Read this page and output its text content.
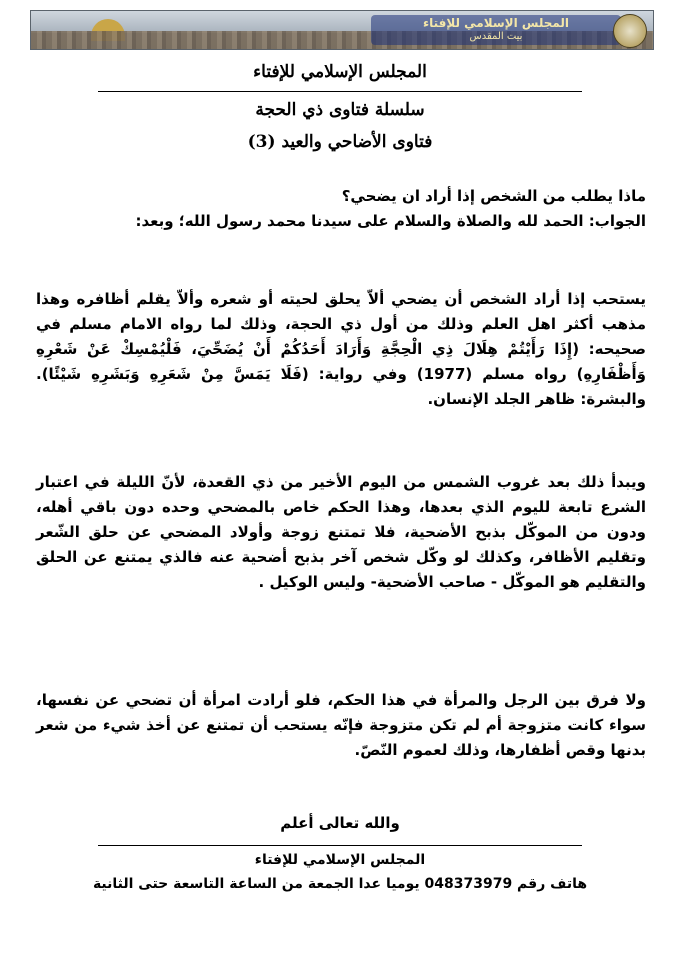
المجلس الإسلامي للإفتاء
بيت المقدس
المجلس الإسلامي للإفتاء
سلسلة فتاوى ذي الحجة
فتاوى الأضاحي والعيد (3)
ماذا يطلب من الشخص إذا أراد ان يضحي؟
الجواب: الحمد لله والصلاة والسلام على سيدنا محمد رسول الله؛ وبعد:
يستحب إذا أراد الشخص أن يضحي ألاّ يحلق لحيته أو شعره وألاّ يقلم أظافره وهذا مذهب أكثر اهل العلم وذلك من أول ذي الحجة، وذلك لما رواه الامام مسلم في صحيحه: (إِذَا رَأَيْتُمْ هِلَالَ ذِي الْحِجَّةِ وَأَرَادَ أَحَدُكُمْ أَنْ يُضَحِّيَ، فَلْيُمْسِكْ عَنْ شَعْرِهِ وَأَظْفَارِهِ) رواه مسلم (1977) وفي رواية: (فَلَا يَمَسَّ مِنْ شَعَرِهِ وَبَشَرِهِ شَيْئًا). والبشرة: ظاهر الجلد الإنسان.
ويبدأ ذلك بعد غروب الشمس من اليوم الأخير من ذي القعدة، لأنّ الليلة في اعتبار الشرع تابعة لليوم الذي بعدها، وهذا الحكم خاص بالمضحي وحده دون باقي أهله، ودون من الموكّل بذبح الأضحية، فلا تمتنع زوجة وأولاد المضحي عن حلق الشّعر وتقليم الأظافر، وكذلك لو وكّل شخص آخر بذبح أضحية عنه فالذي يمتنع عن الحلق والتقليم هو الموكّل - صاحب الأضحية- وليس الوكيل .
ولا فرق بين الرجل والمرأة في هذا الحكم، فلو أرادت امرأة أن تضحي عن نفسها، سواء كانت متزوجة أم لم تكن متزوجة فإنّه يستحب أن تمتنع عن أخذ شيء من شعر بدنها وقص أظفارها، وذلك لعموم النّصّ.
والله تعالى أعلم
المجلس الإسلامي للإفتاء
هاتف رقم 048373979 يوميا عدا الجمعة من الساعة التاسعة حتى الثانية
